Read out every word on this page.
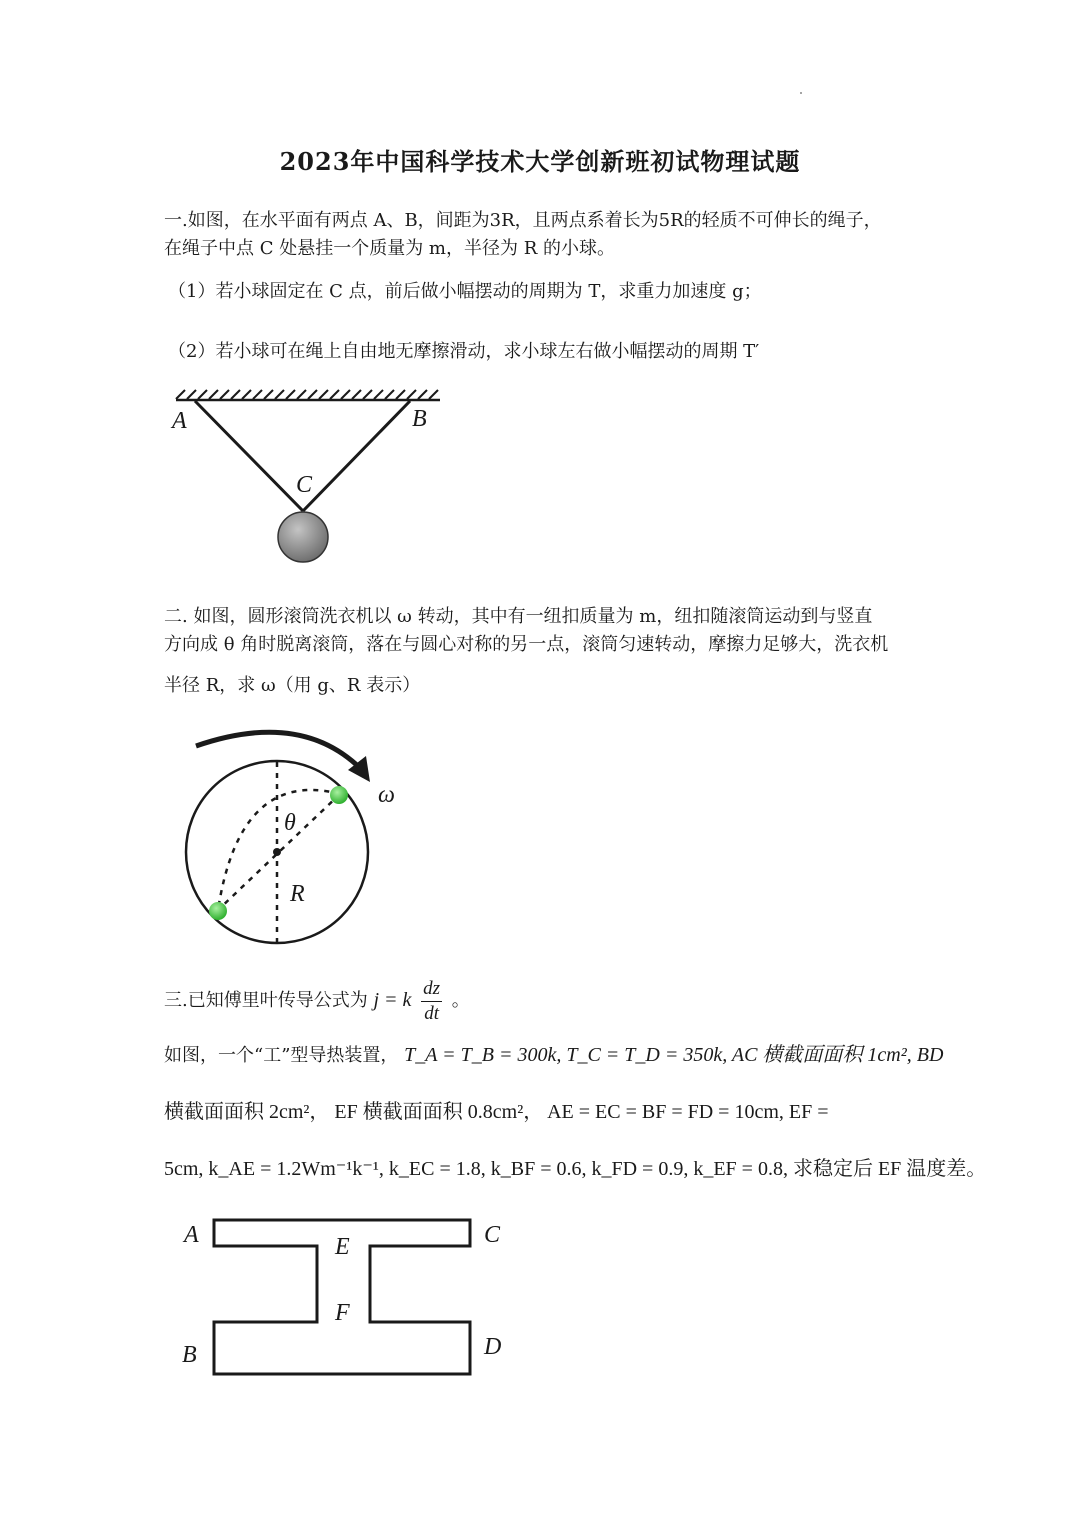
2023年中国科学技术大学创新班初试物理试题
一.如图，在水平面有两点 A、B，间距为3R，且两点系着长为5R的轻质不可伸长的绳子，
在绳子中点 C 处悬挂一个质量为 m，半径为 R 的小球。
（1）若小球固定在 C 点，前后做小幅摆动的周期为 T，求重力加速度 g；
（2）若小球可在绳上自由地无摩擦滑动，求小球左右做小幅摆动的周期 T′
A	B
C
二. 如图，圆形滚筒洗衣机以 ω 转动，其中有一纽扣质量为 m，纽扣随滚筒运动到与竖直
方向成 θ 角时脱离滚筒，落在与圆心对称的另一点，滚筒匀速转动，摩擦力足够大，洗衣机
半径 R，求 ω（用 g、R 表示）
ω
θ
R
三.已知傅里叶传导公式为 j = k $\frac{dz}{dt}$ 。
如图，一个“工”型导热装置， T_A = T_B = 300k, T_C = T_D = 350k, AC 横截面面积 1cm², BD
横截面面积 2cm²， EF 横截面面积 0.8cm²， AE = EC = BF = FD = 10cm, EF =
5cm, k_AE = 1.2Wm⁻¹k⁻¹, k_EC = 1.8, k_BF = 0.6, k_FD = 0.9, k_EF = 0.8, 求稳定后 EF 温度差。
A	C
E
F
B	D
